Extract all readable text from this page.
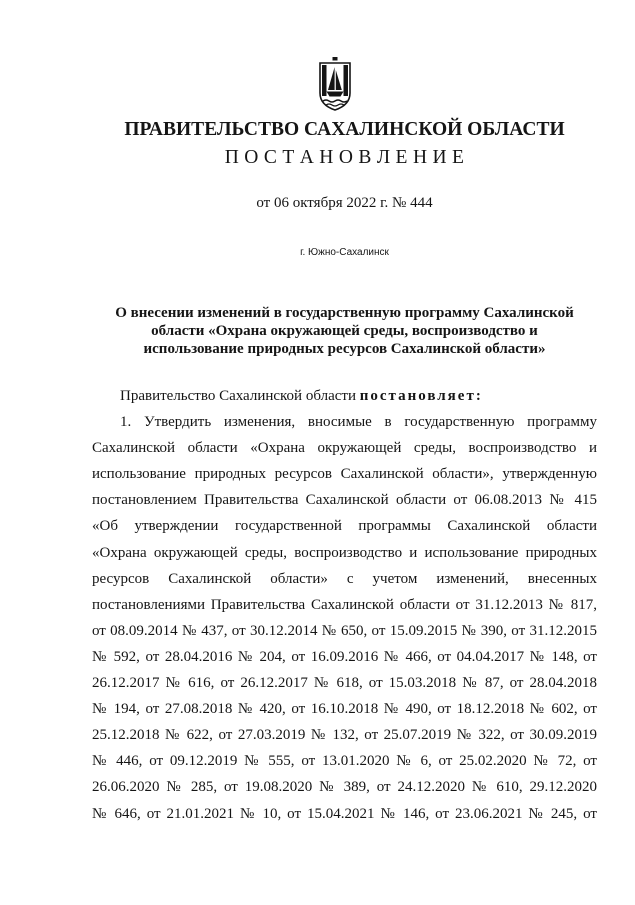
ПРАВИТЕЛЬСТВО САХАЛИНСКОЙ ОБЛАСТИ
П О С Т А Н О В Л Е Н И Е
от 06 октября 2022 г. № 444
г. Южно-Сахалинск
О внесении изменений в государственную программу Сахалинской
области «Охрана окружающей среды, воспроизводство и
использование природных ресурсов Сахалинской области»
Правительство Сахалинской области постановляет:
1. Утвердить изменения, вносимые в государственную программу
Сахалинской области «Охрана окружающей среды, воспроизводство и
использование природных ресурсов Сахалинской области», утвержденную
постановлением Правительства Сахалинской области от 06.08.2013 № 415
«Об утверждении государственной программы Сахалинской области
«Охрана окружающей среды, воспроизводство и использование природных
ресурсов Сахалинской области» с учетом изменений, внесенных
постановлениями Правительства Сахалинской области от 31.12.2013 № 817,
от 08.09.2014 № 437, от 30.12.2014 № 650, от 15.09.2015 № 390, от 31.12.2015
№ 592, от 28.04.2016 № 204, от 16.09.2016 № 466, от 04.04.2017 № 148, от
26.12.2017 № 616, от 26.12.2017 № 618, от 15.03.2018 № 87, от 28.04.2018
№ 194, от 27.08.2018 № 420, от 16.10.2018 № 490, от 18.12.2018 № 602, от
25.12.2018 № 622, от 27.03.2019 № 132, от 25.07.2019 № 322, от 30.09.2019
№ 446, от 09.12.2019 № 555, от 13.01.2020 № 6, от 25.02.2020 № 72, от
26.06.2020 № 285, от 19.08.2020 № 389, от 24.12.2020 № 610, 29.12.2020
№ 646, от 21.01.2021 № 10, от 15.04.2021 № 146, от 23.06.2021 № 245, от
